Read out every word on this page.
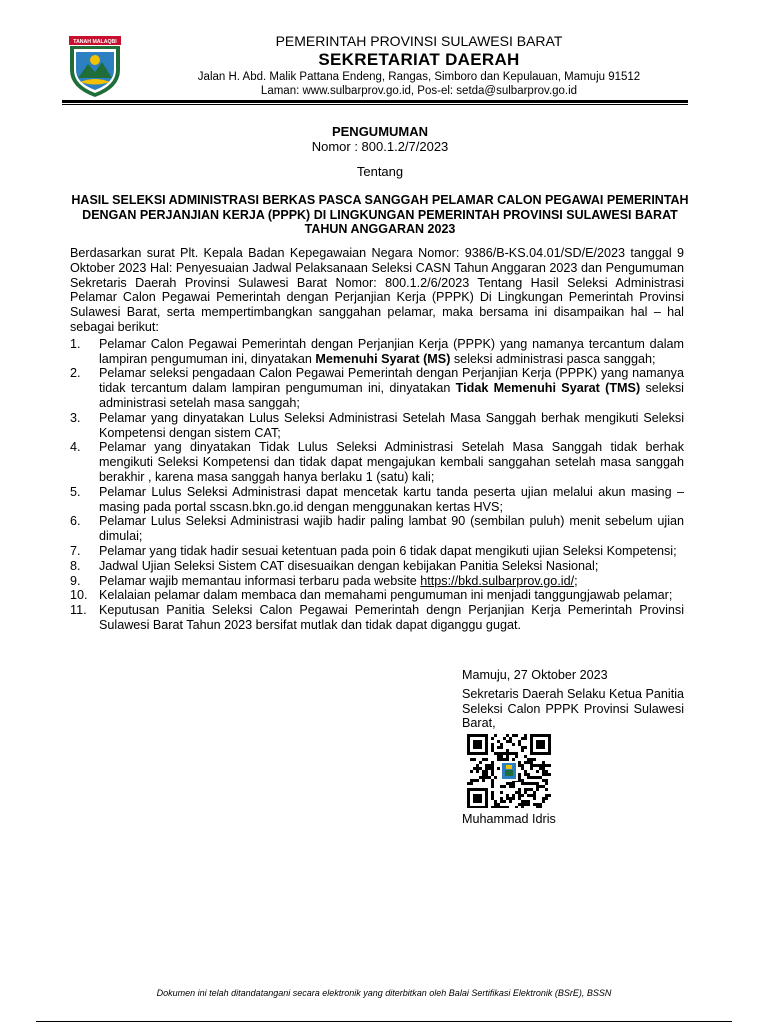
TANAH MALAQBI	PEMERINTAH PROVINSI SULAWESI BARAT
SEKRETARIAT DAERAH
Jalan H. Abd. Malik Pattana Endeng, Rangas, Simboro dan Kepulauan, Mamuju 91512
Laman: www.sulbarprov.go.id, Pos-el: setda@sulbarprov.go.id
PENGUMUMAN
Nomor : 800.1.2/7/2023
Tentang
HASIL SELEKSI ADMINISTRASI BERKAS PASCA SANGGAH PELAMAR CALON PEGAWAI PEMERINTAH DENGAN PERJANJIAN KERJA (PPPK) DI LINGKUNGAN PEMERINTAH PROVINSI SULAWESI BARAT TAHUN ANGGARAN 2023

Berdasarkan surat Plt. Kepala Badan Kepegawaian Negara Nomor: 9386/B-KS.04.01/SD/E/2023 tanggal 9 Oktober 2023 Hal: Penyesuaian Jadwal Pelaksanaan Seleksi CASN Tahun Anggaran 2023 dan Pengumuman Sekretaris Daerah Provinsi Sulawesi Barat Nomor: 800.1.2/6/2023 Tentang Hasil Seleksi Administrasi Pelamar Calon Pegawai Pemerintah dengan Perjanjian Kerja (PPPK) Di Lingkungan Pemerintah Provinsi Sulawesi Barat, serta mempertimbangkan sanggahan pelamar, maka bersama ini disampaikan hal – hal sebagai berikut:

1. Pelamar Calon Pegawai Pemerintah dengan Perjanjian Kerja (PPPK) yang namanya tercantum dalam lampiran pengumuman ini, dinyatakan Memenuhi Syarat (MS) seleksi administrasi pasca sanggah;
2. Pelamar seleksi pengadaan Calon Pegawai Pemerintah dengan Perjanjian Kerja (PPPK) yang namanya tidak tercantum dalam lampiran pengumuman ini, dinyatakan Tidak Memenuhi Syarat (TMS) seleksi administrasi setelah masa sanggah;
3. Pelamar yang dinyatakan Lulus Seleksi Administrasi Setelah Masa Sanggah berhak mengikuti Seleksi Kompetensi dengan sistem CAT;
4. Pelamar yang dinyatakan Tidak Lulus Seleksi Administrasi Setelah Masa Sanggah tidak berhak mengikuti Seleksi Kompetensi dan tidak dapat mengajukan kembali sanggahan setelah masa sanggah berakhir , karena masa sanggah hanya berlaku 1 (satu) kali;
5. Pelamar Lulus Seleksi Administrasi dapat mencetak kartu tanda peserta ujian melalui akun masing – masing pada portal sscasn.bkn.go.id dengan menggunakan kertas HVS;
6. Pelamar Lulus Seleksi Administrasi wajib hadir paling lambat 90 (sembilan puluh) menit sebelum ujian dimulai;
7. Pelamar yang tidak hadir sesuai ketentuan pada poin 6 tidak dapat mengikuti ujian Seleksi Kompetensi;
8. Jadwal Ujian Seleksi Sistem CAT disesuaikan dengan kebijakan Panitia Seleksi Nasional;
9. Pelamar wajib memantau informasi terbaru pada website https://bkd.sulbarprov.go.id/;
10. Kelalaian pelamar dalam membaca dan memahami pengumuman ini menjadi tanggungjawab pelamar;
11. Keputusan Panitia Seleksi Calon Pegawai Pemerintah dengn Perjanjian Kerja Pemerintah Provinsi Sulawesi Barat Tahun 2023 bersifat mutlak dan tidak dapat diganggu gugat.
Mamuju, 27 Oktober 2023
Sekretaris Daerah Selaku Ketua Panitia Seleksi Calon PPPK Provinsi Sulawesi Barat,
Muhammad Idris
Dokumen ini telah ditandatangani secara elektronik yang diterbitkan oleh Balai Sertifikasi Elektronik (BSrE), BSSN
